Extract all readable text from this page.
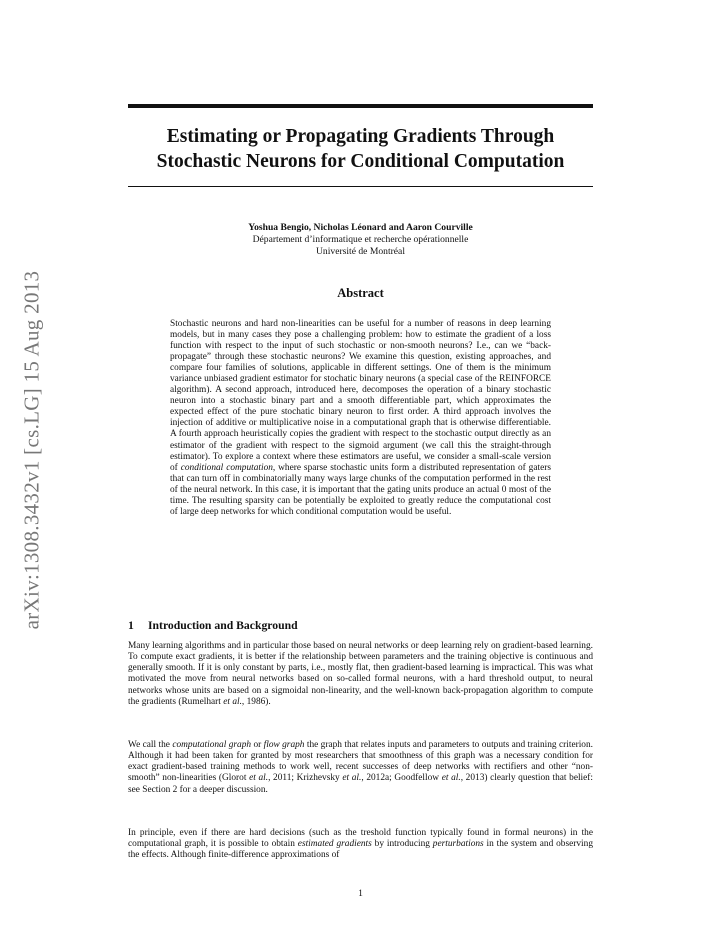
Estimating or Propagating Gradients Through
Stochastic Neurons for Conditional Computation
Yoshua Bengio, Nicholas Léonard and Aaron Courville
Département d’informatique et recherche opérationnelle
Université de Montréal
arXiv:1308.3432v1 [cs.LG] 15 Aug 2013	Abstract
Stochastic neurons and hard non-linearities can be useful for a number of reasons in deep learning models, but in many cases they pose a challenging problem: how to estimate the gradient of a loss function with respect to the input of such stochastic or non-smooth neurons? I.e., can we “back-propagate” through these stochastic neurons? We examine this question, existing approaches, and compare four families of solutions, applicable in different settings. One of them is the minimum variance unbiased gradient estimator for stochatic binary neurons (a special case of the REINFORCE algorithm). A second approach, introduced here, decomposes the operation of a binary stochastic neuron into a stochastic binary part and a smooth differentiable part, which approximates the expected effect of the pure stochatic binary neuron to first order. A third approach involves the injection of additive or multiplicative noise in a computational graph that is otherwise differentiable. A fourth approach heuristically copies the gradient with respect to the stochastic output directly as an estimator of the gradient with respect to the sigmoid argument (we call this the straight-through estimator). To explore a context where these estimators are useful, we consider a small-scale version of conditional computation, where sparse stochastic units form a distributed representation of gaters that can turn off in combinatorially many ways large chunks of the computation performed in the rest of the neural network. In this case, it is important that the gating units produce an actual 0 most of the time. The resulting sparsity can be potentially be exploited to greatly reduce the computational cost of large deep networks for which conditional computation would be useful.
1 Introduction and Background

Many learning algorithms and in particular those based on neural networks or deep learning rely on gradient-based learning. To compute exact gradients, it is better if the relationship between parameters and the training objective is continuous and generally smooth. If it is only constant by parts, i.e., mostly flat, then gradient-based learning is impractical. This was what motivated the move from neural networks based on so-called formal neurons, with a hard threshold output, to neural networks whose units are based on a sigmoidal non-linearity, and the well-known back-propagation algorithm to compute the gradients (Rumelhart et al., 1986).

We call the computational graph or flow graph the graph that relates inputs and parameters to outputs and training criterion. Although it had been taken for granted by most researchers that smoothness of this graph was a necessary condition for exact gradient-based training methods to work well, recent successes of deep networks with rectifiers and other “non-smooth” non-linearities (Glorot et al., 2011; Krizhevsky et al., 2012a; Goodfellow et al., 2013) clearly question that belief: see Section 2 for a deeper discussion.

In principle, even if there are hard decisions (such as the treshold function typically found in formal neurons) in the computational graph, it is possible to obtain estimated gradients by introducing perturbations in the system and observing the effects. Although finite-difference approximations of

1
